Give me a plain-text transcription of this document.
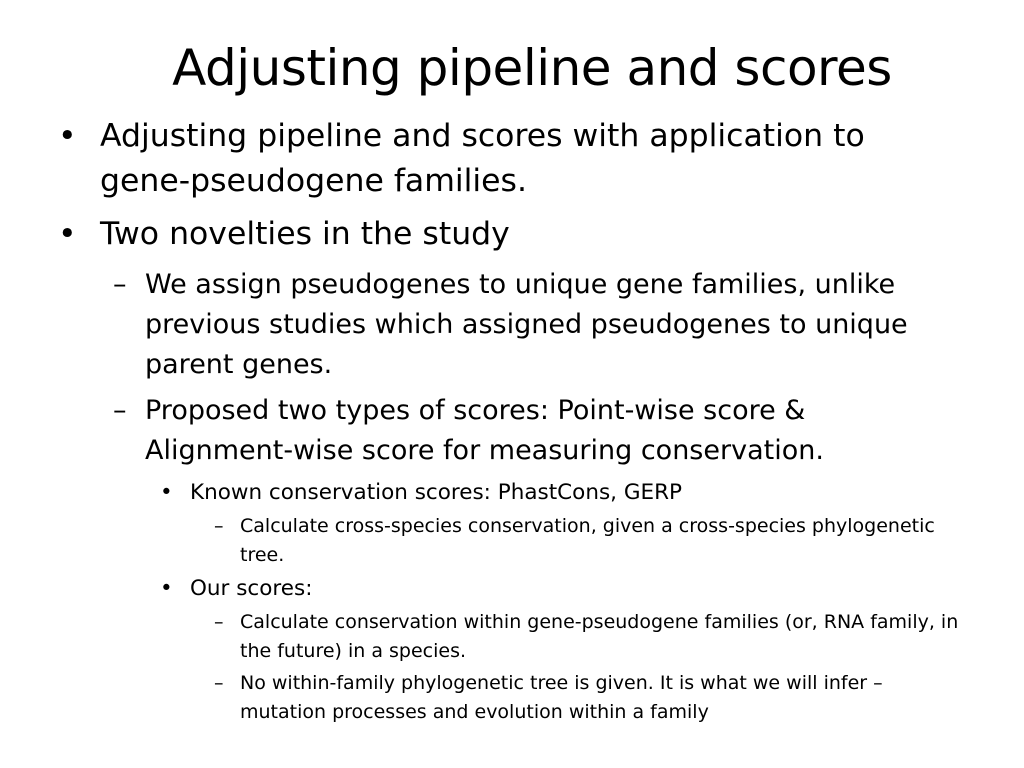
Adjusting pipeline and scores
• Adjusting pipeline and scores with application to gene-pseudogene families.
• Two novelties in the study
– We assign pseudogenes to unique gene families, unlike previous studies which assigned pseudogenes to unique parent genes.
– Proposed two types of scores: Point-wise score & Alignment-wise score for measuring conservation.
• Known conservation scores: PhastCons, GERP
– Calculate cross-species conservation, given a cross-species phylogenetic tree.
• Our scores:
– Calculate conservation within gene-pseudogene families (or, RNA family, in the future) in a species.
– No within-family phylogenetic tree is given. It is what we will infer – mutation processes and evolution within a family
